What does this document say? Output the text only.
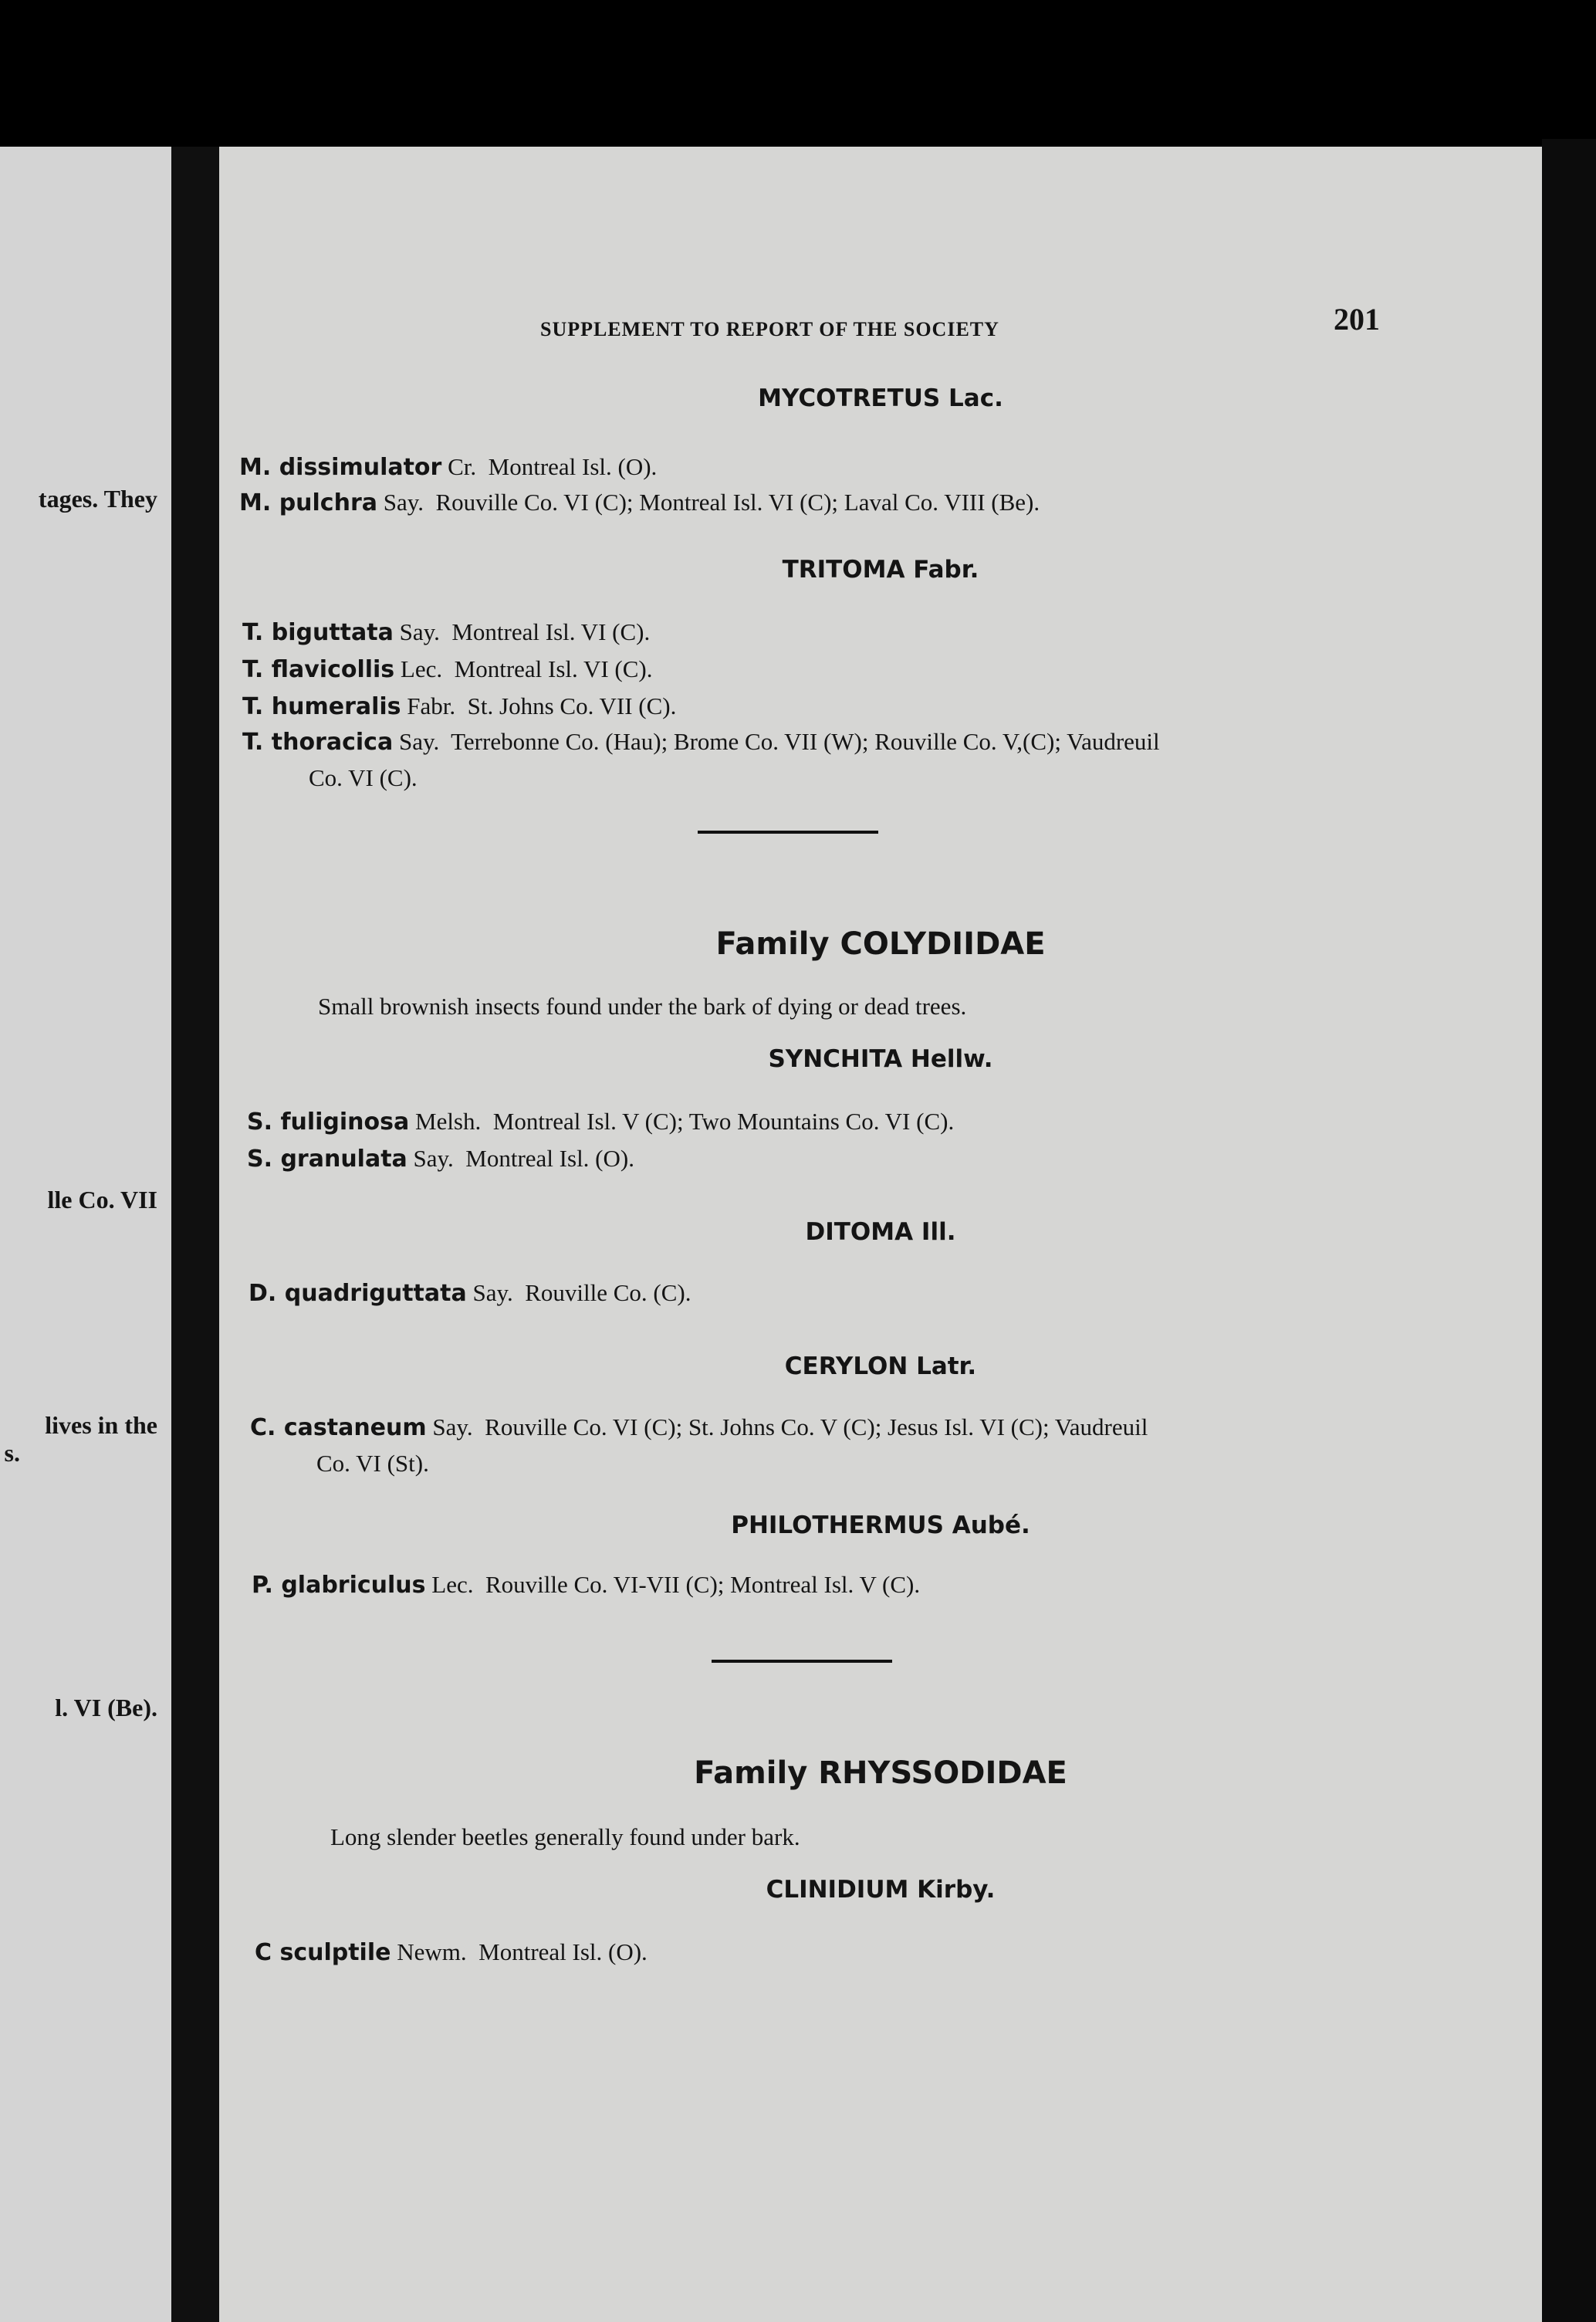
tages. They
lle Co. VII
lives in the
s.
l. VI (Be).
SUPPLEMENT TO REPORT OF THE SOCIETY	201
MYCOTRETUS Lac.
M. dissimulator Cr. Montreal Isl. (O).
M. pulchra Say. Rouville Co. VI (C); Montreal Isl. VI (C); Laval Co. VIII (Be).
TRITOMA Fabr.
T. biguttata Say. Montreal Isl. VI (C).
T. flavicollis Lec. Montreal Isl. VI (C).
T. humeralis Fabr. St. Johns Co. VII (C).
T. thoracica Say. Terrebonne Co. (Hau); Brome Co. VII (W); Rouville Co. V,(C); Vaudreuil
Co. VI (C).
Family COLYDIIDAE
Small brownish insects found under the bark of dying or dead trees.
SYNCHITA Hellw.
S. fuliginosa Melsh. Montreal Isl. V (C); Two Mountains Co. VI (C).
S. granulata Say. Montreal Isl. (O).
DITOMA Ill.
D. quadriguttata Say. Rouville Co. (C).
CERYLON Latr.
C. castaneum Say. Rouville Co. VI (C); St. Johns Co. V (C); Jesus Isl. VI (C); Vaudreuil
Co. VI (St).
PHILOTHERMUS Aubé.
P. glabriculus Lec. Rouville Co. VI-VII (C); Montreal Isl. V (C).
Family RHYSSODIDAE
Long slender beetles generally found under bark.
CLINIDIUM Kirby.
C sculptile Newm. Montreal Isl. (O).
